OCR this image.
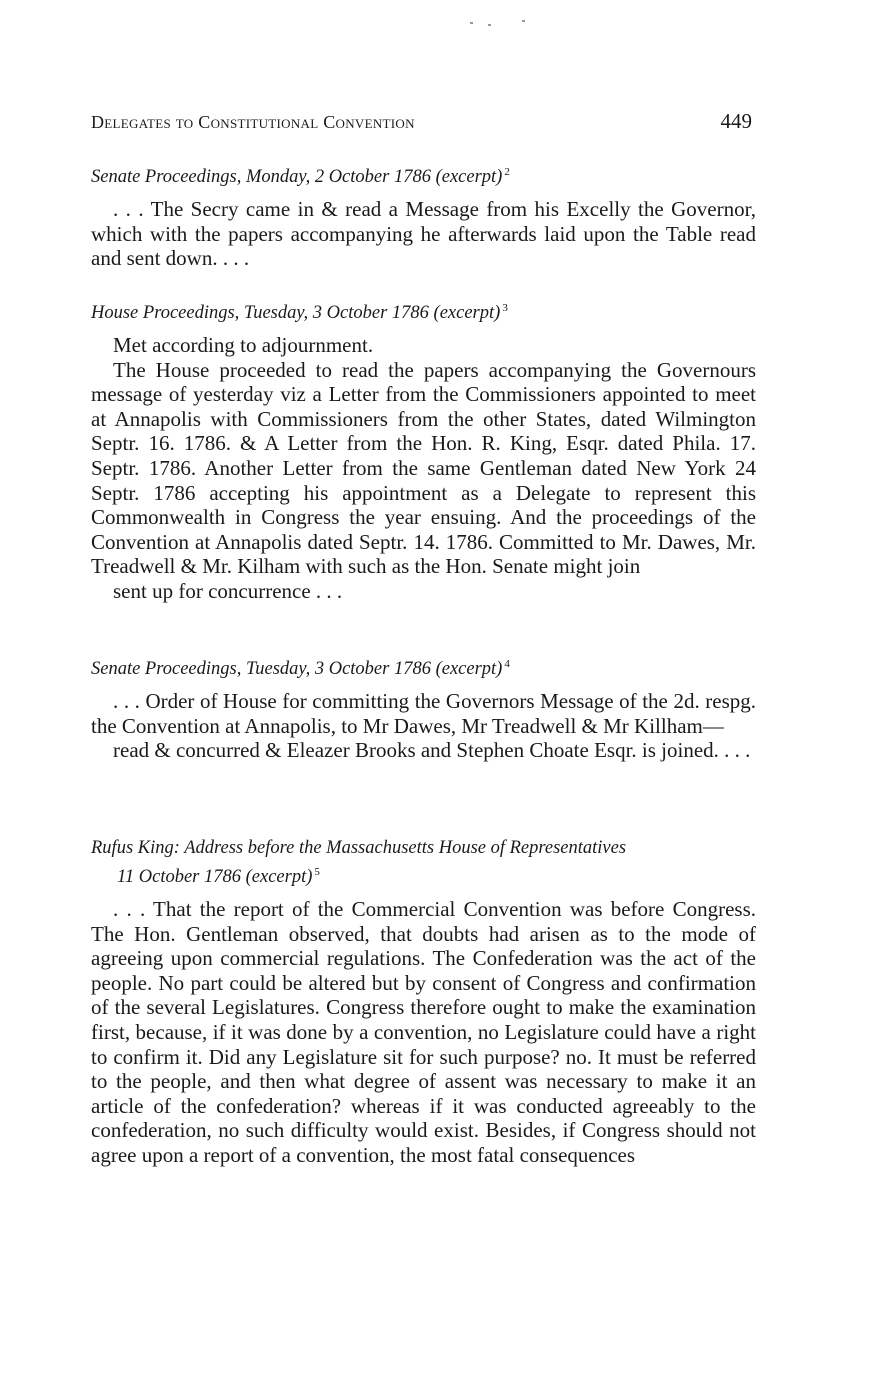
Delegates to Constitutional Convention	449

Senate Proceedings, Monday, 2 October 1786 (excerpt) $^2$

. . . The Secry came in & read a Message from his Excelly the Governor, which with the papers accompanying he afterwards laid upon the Table read and sent down. . . .

House Proceedings, Tuesday, 3 October 1786 (excerpt) $^3$

Met according to adjournment.

The House proceeded to read the papers accompanying the Governours message of yesterday viz a Letter from the Commissioners appointed to meet at Annapolis with Commissioners from the other States, dated Wilmington Septr. 16. 1786. & A Letter from the Hon. R. King, Esqr. dated Phila. 17. Septr. 1786. Another Letter from the same Gentleman dated New York 24 Septr. 1786 accepting his appointment as a Delegate to represent this Commonwealth in Congress the year ensuing. And the proceedings of the Convention at Annapolis dated Septr. 14. 1786. Committed to Mr. Dawes, Mr. Treadwell & Mr. Kilham with such as the Hon. Senate might join

sent up for concurrence . . .

Senate Proceedings, Tuesday, 3 October 1786 (excerpt) $^4$

. . . Order of House for committing the Governors Message of the 2d. respg. the Convention at Annapolis, to Mr Dawes, Mr Treadwell & Mr Killham—

read & concurred & Eleazer Brooks and Stephen Choate Esqr. is joined. . . .

Rufus King: Address before the Massachusetts House of Representatives
11 October 1786 (excerpt) $^5$

. . . That the report of the Commercial Convention was before Congress. The Hon. Gentleman observed, that doubts had arisen as to the mode of agreeing upon commercial regulations. The Confederation was the act of the people. No part could be altered but by consent of Congress and confirmation of the several Legislatures. Congress therefore ought to make the examination first, because, if it was done by a convention, no Legislature could have a right to confirm it. Did any Legislature sit for such purpose? no. It must be referred to the people, and then what degree of assent was necessary to make it an article of the confederation? whereas if it was conducted agreeably to the confederation, no such difficulty would exist. Besides, if Congress should not agree upon a report of a convention, the most fatal consequences
